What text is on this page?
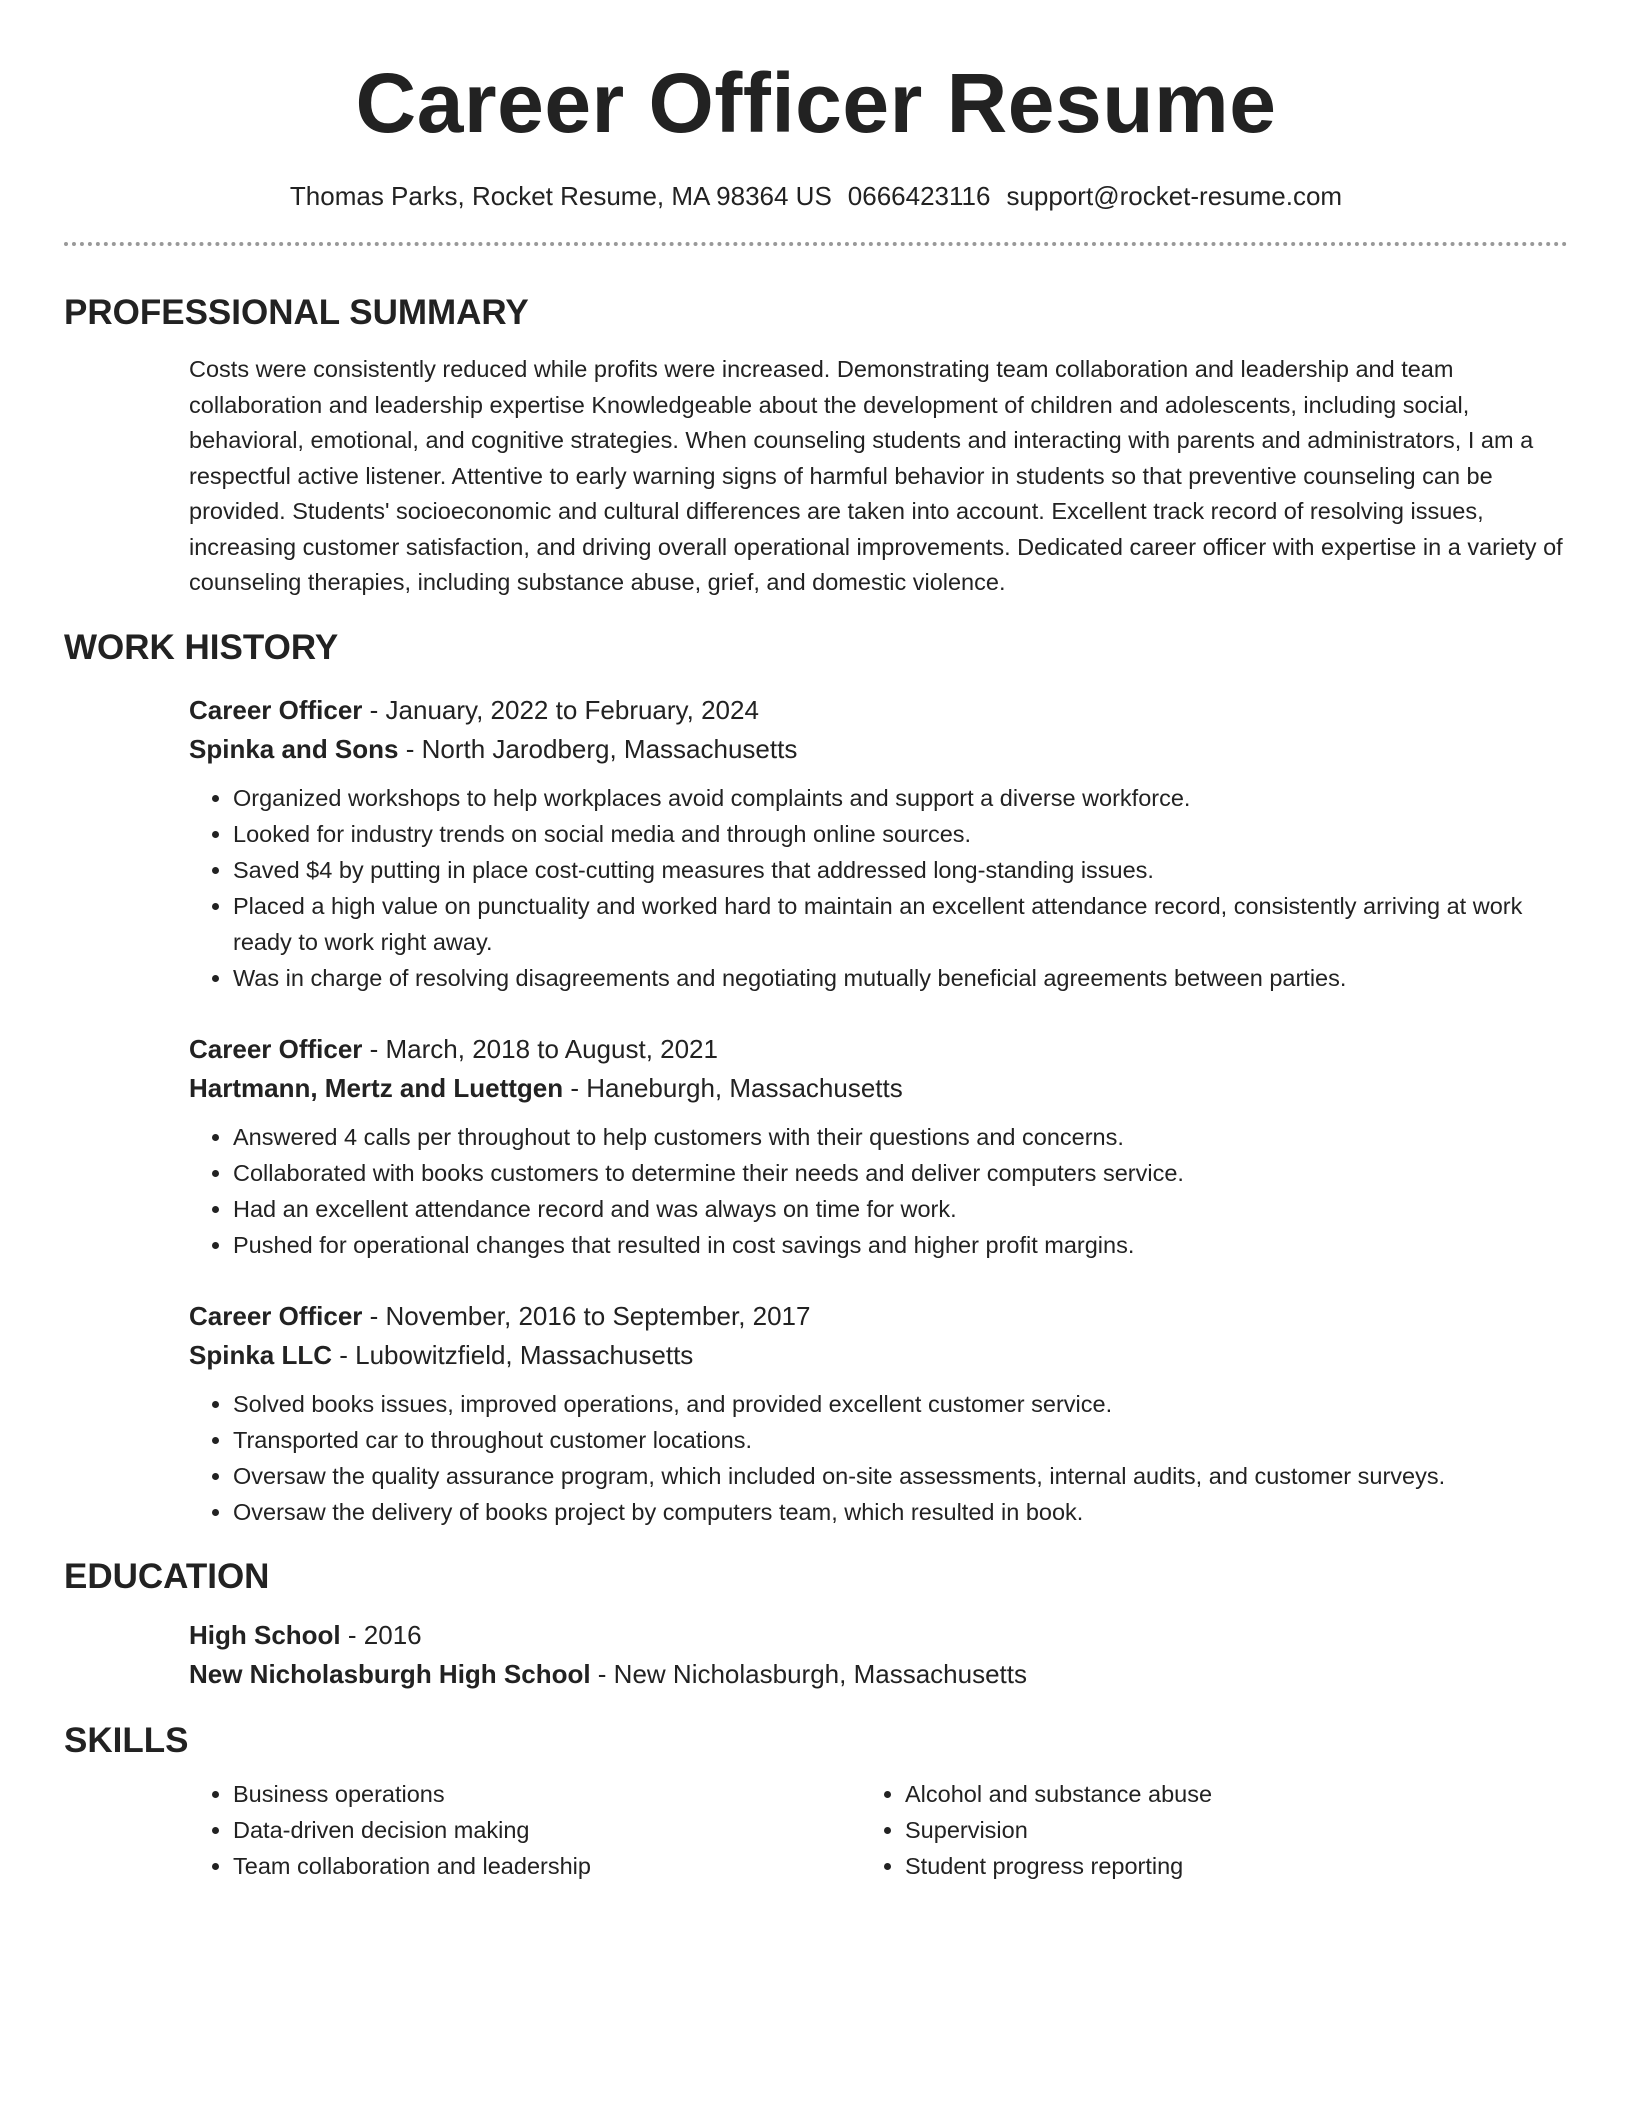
Career Officer Resume
Thomas Parks, Rocket Resume, MA 98364 US 0666423116 support@rocket-resume.com
PROFESSIONAL SUMMARY

Costs were consistently reduced while profits were increased. Demonstrating team collaboration and leadership and team collaboration and leadership expertise Knowledgeable about the development of children and adolescents, including social, behavioral, emotional, and cognitive strategies. When counseling students and interacting with parents and administrators, I am a respectful active listener. Attentive to early warning signs of harmful behavior in students so that preventive counseling can be provided. Students' socioeconomic and cultural differences are taken into account. Excellent track record of resolving issues, increasing customer satisfaction, and driving overall operational improvements. Dedicated career officer with expertise in a variety of counseling therapies, including substance abuse, grief, and domestic violence.

WORK HISTORY
Career Officer - January, 2022 to February, 2024
Spinka and Sons - North Jarodberg, Massachusetts
• Organized workshops to help workplaces avoid complaints and support a diverse workforce.
• Looked for industry trends on social media and through online sources.
• Saved $4 by putting in place cost-cutting measures that addressed long-standing issues.
• Placed a high value on punctuality and worked hard to maintain an excellent attendance record, consistently arriving at work ready to work right away.
• Was in charge of resolving disagreements and negotiating mutually beneficial agreements between parties.
Career Officer - March, 2018 to August, 2021
Hartmann, Mertz and Luettgen - Haneburgh, Massachusetts
• Answered 4 calls per throughout to help customers with their questions and concerns.
• Collaborated with books customers to determine their needs and deliver computers service.
• Had an excellent attendance record and was always on time for work.
• Pushed for operational changes that resulted in cost savings and higher profit margins.
Career Officer - November, 2016 to September, 2017
Spinka LLC - Lubowitzfield, Massachusetts
• Solved books issues, improved operations, and provided excellent customer service.
• Transported car to throughout customer locations.
• Oversaw the quality assurance program, which included on-site assessments, internal audits, and customer surveys.
• Oversaw the delivery of books project by computers team, which resulted in book.
EDUCATION
High School - 2016
New Nicholasburgh High School - New Nicholasburgh, Massachusetts
SKILLS
• Business operations
• Data-driven decision making
• Team collaboration and leadership
• Alcohol and substance abuse
• Supervision
• Student progress reporting
